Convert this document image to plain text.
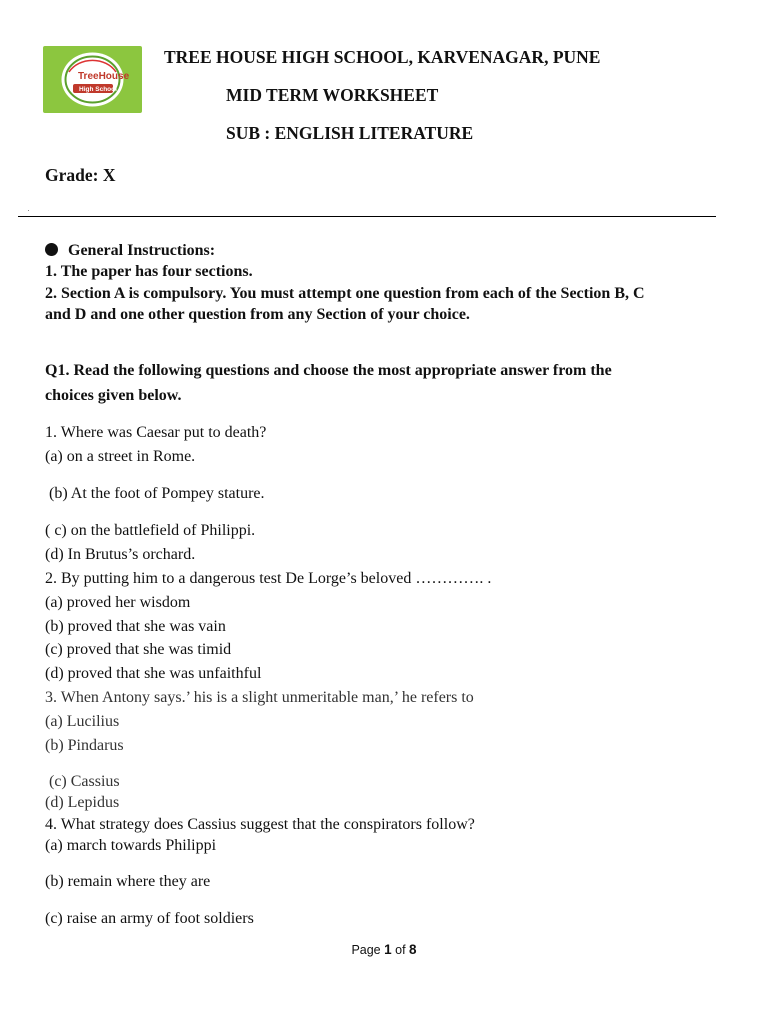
TreeHouse
High School
TREE HOUSE HIGH SCHOOL, KARVENAGAR, PUNE
MID TERM WORKSHEET
SUB : ENGLISH LITERATURE
Grade: X
General Instructions:
1. The paper has four sections.
2. Section A is compulsory. You must attempt one question from each of the Section B, C
and D and one other question from any Section of your choice.
Q1. Read the following questions and choose the most appropriate answer from the
choices given below.
1. Where was Caesar put to death?
(a) on a street in Rome.
(b) At the foot of Pompey stature.
( c) on the battlefield of Philippi.
(d) In Brutus’s orchard.
2. By putting him to a dangerous test De Lorge’s beloved …………. .
(a) proved her wisdom
(b) proved that she was vain
(c) proved that she was timid
(d) proved that she was unfaithful
3. When Antony says.’ his is a slight unmeritable man,’ he refers to
(a) Lucilius
(b) Pindarus
(c) Cassius
(d) Lepidus
4. What strategy does Cassius suggest that the conspirators follow?
(a) march towards Philippi
(b) remain where they are
(c) raise an army of foot soldiers
Page 1 of 8
